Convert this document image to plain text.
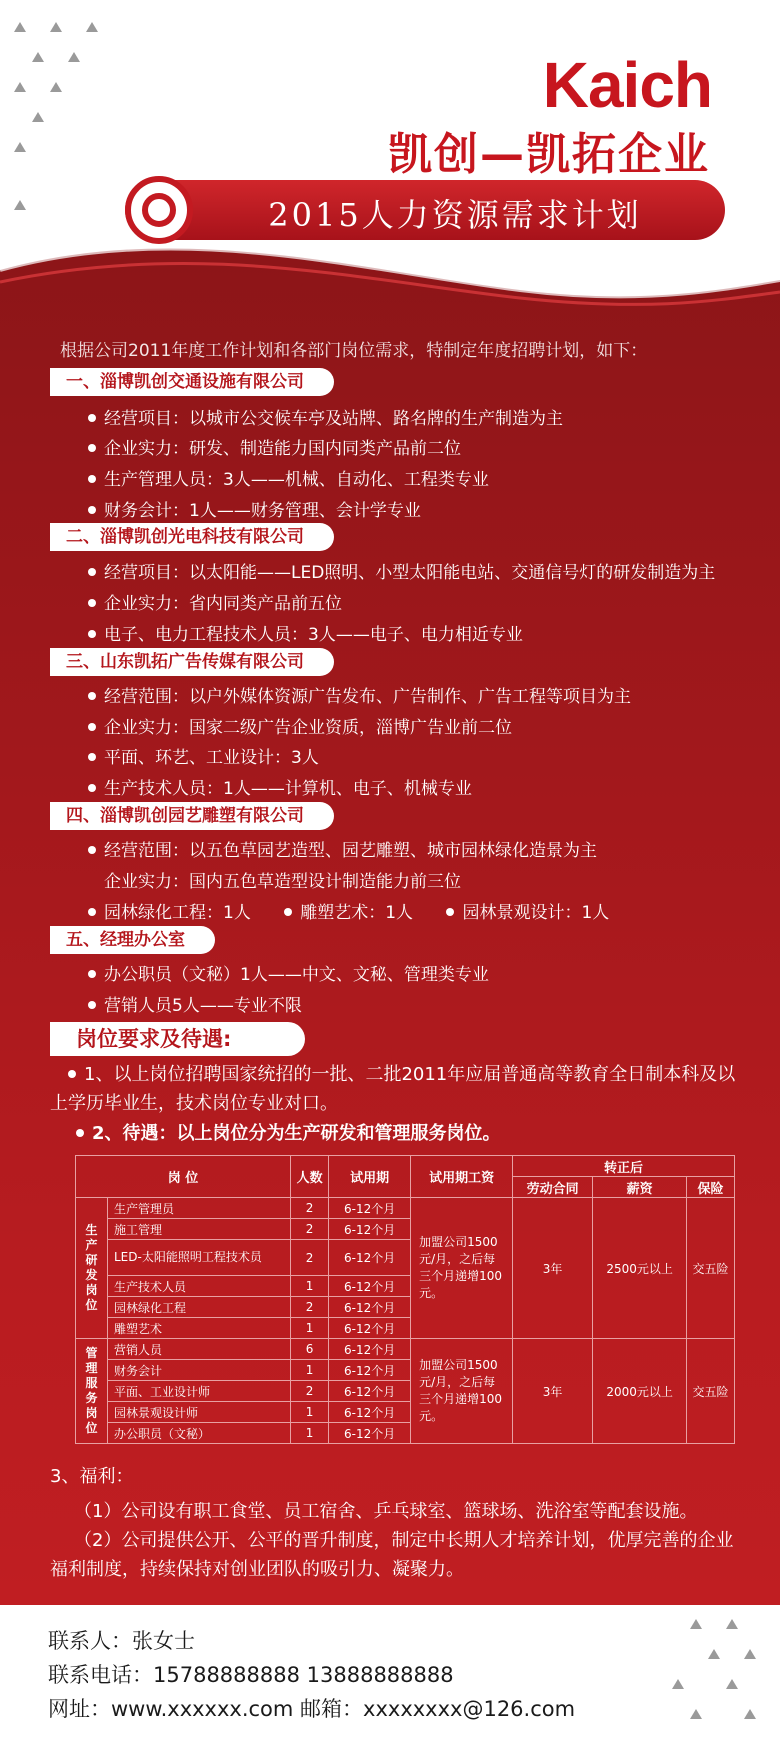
Kaich
凯创—凯拓企业
2015人力资源需求计划
根据公司2011年度工作计划和各部门岗位需求，特制定年度招聘计划，如下：
一、淄博凯创交通设施有限公司
经营项目：以城市公交候车亭及站牌、路名牌的生产制造为主
企业实力：研发、制造能力国内同类产品前二位
生产管理人员：3人——机械、自动化、工程类专业
财务会计：1人——财务管理、会计学专业
二、淄博凯创光电科技有限公司
经营项目：以太阳能——LED照明、小型太阳能电站、交通信号灯的研发制造为主
企业实力：省内同类产品前五位
电子、电力工程技术人员：3人——电子、电力相近专业
三、山东凯拓广告传媒有限公司
经营范围：以户外媒体资源广告发布、广告制作、广告工程等项目为主
企业实力：国家二级广告企业资质，淄博广告业前二位
平面、环艺、工业设计：3人
生产技术人员：1人——计算机、电子、机械专业
四、淄博凯创园艺雕塑有限公司
经营范围：以五色草园艺造型、园艺雕塑、城市园林绿化造景为主
企业实力：国内五色草造型设计制造能力前三位
园林绿化工程：1人	雕塑艺术：1人	园林景观设计：1人
五、经理办公室
办公职员（文秘）1人——中文、文秘、管理类专业
营销人员5人——专业不限
岗位要求及待遇:
1、以上岗位招聘国家统招的一批、二批2011年应届普通高等教育全日制本科及以上学历毕业生，技术岗位专业对口。
2、待遇：以上岗位分为生产研发和管理服务岗位。
岗 位		人数	试用期	试用期工资	转正后		
					劳动合同	薪资	保险

生产研发岗位	生产管理员	2	6-12个月	加盟公司1500元/月，之后每三个月递增100元。	3年	2500元以上	交五险
	施工管理	2	6-12个月				
	LED-太阳能照明工程技术员	2	6-12个月				
	生产技术人员	1	6-12个月				
	园林绿化工程	2	6-12个月				
	雕塑艺术	1	6-12个月				

管理服务岗位	营销人员	6	6-12个月	加盟公司1500元/月，之后每三个月递增100元。	3年	2000元以上	交五险
	财务会计	1	6-12个月				
	平面、工业设计师	2	6-12个月				
	园林景观设计师	1	6-12个月				
	办公职员（文秘）	1	6-12个月				
3、福利：
（1）公司设有职工食堂、员工宿舍、乒乓球室、篮球场、洗浴室等配套设施。
（2）公司提供公开、公平的晋升制度，制定中长期人才培养计划，优厚完善的企业福利制度，持续保持对创业团队的吸引力、凝聚力。
联系人：张女士
联系电话：15788888888 13888888888
网址：www.xxxxxx.com 邮箱：xxxxxxxx@126.com
